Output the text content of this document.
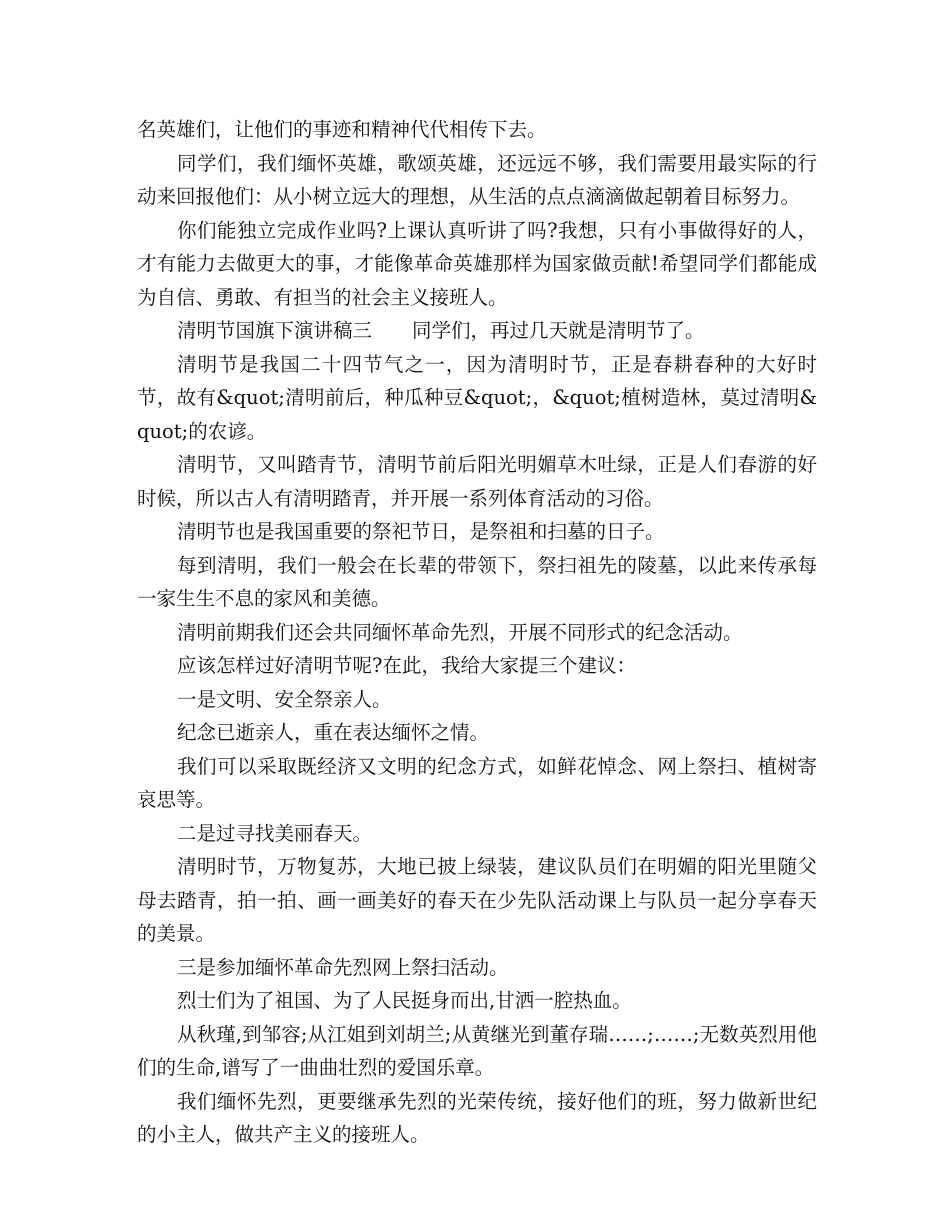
名英雄们，让他们的事迹和精神代代相传下去。

同学们，我们缅怀英雄，歌颂英雄，还远远不够，我们需要用最实际的行动来回报他们：从小树立远大的理想，从生活的点点滴滴做起朝着目标努力。

你们能独立完成作业吗?上课认真听讲了吗?我想，只有小事做得好的人，才有能力去做更大的事，才能像革命英雄那样为国家做贡献!希望同学们都能成为自信、勇敢、有担当的社会主义接班人。

清明节国旗下演讲稿三 同学们，再过几天就是清明节了。

清明节是我国二十四节气之一，因为清明时节，正是春耕春种的大好时节，故有&quot;清明前后，种瓜种豆&quot;，&quot;植树造林，莫过清明&quot;的农谚。

清明节，又叫踏青节，清明节前后阳光明媚草木吐绿，正是人们春游的好时候，所以古人有清明踏青，并开展一系列体育活动的习俗。

清明节也是我国重要的祭祀节日，是祭祖和扫墓的日子。

每到清明，我们一般会在长辈的带领下，祭扫祖先的陵墓，以此来传承每一家生生不息的家风和美德。

清明前期我们还会共同缅怀革命先烈，开展不同形式的纪念活动。

应该怎样过好清明节呢?在此，我给大家提三个建议：

一是文明、安全祭亲人。

纪念已逝亲人，重在表达缅怀之情。

我们可以采取既经济又文明的纪念方式，如鲜花悼念、网上祭扫、植树寄哀思等。

二是过寻找美丽春天。

清明时节，万物复苏，大地已披上绿装，建议队员们在明媚的阳光里随父母去踏青，拍一拍、画一画美好的春天在少先队活动课上与队员一起分享春天的美景。

三是参加缅怀革命先烈网上祭扫活动。

烈士们为了祖国、为了人民挺身而出,甘洒一腔热血。

从秋瑾,到邹容;从江姐到刘胡兰;从黄继光到董存瑞……;……;无数英烈用他们的生命,谱写了一曲曲壮烈的爱国乐章。

我们缅怀先烈，更要继承先烈的光荣传统，接好他们的班，努力做新世纪的小主人，做共产主义的接班人。
